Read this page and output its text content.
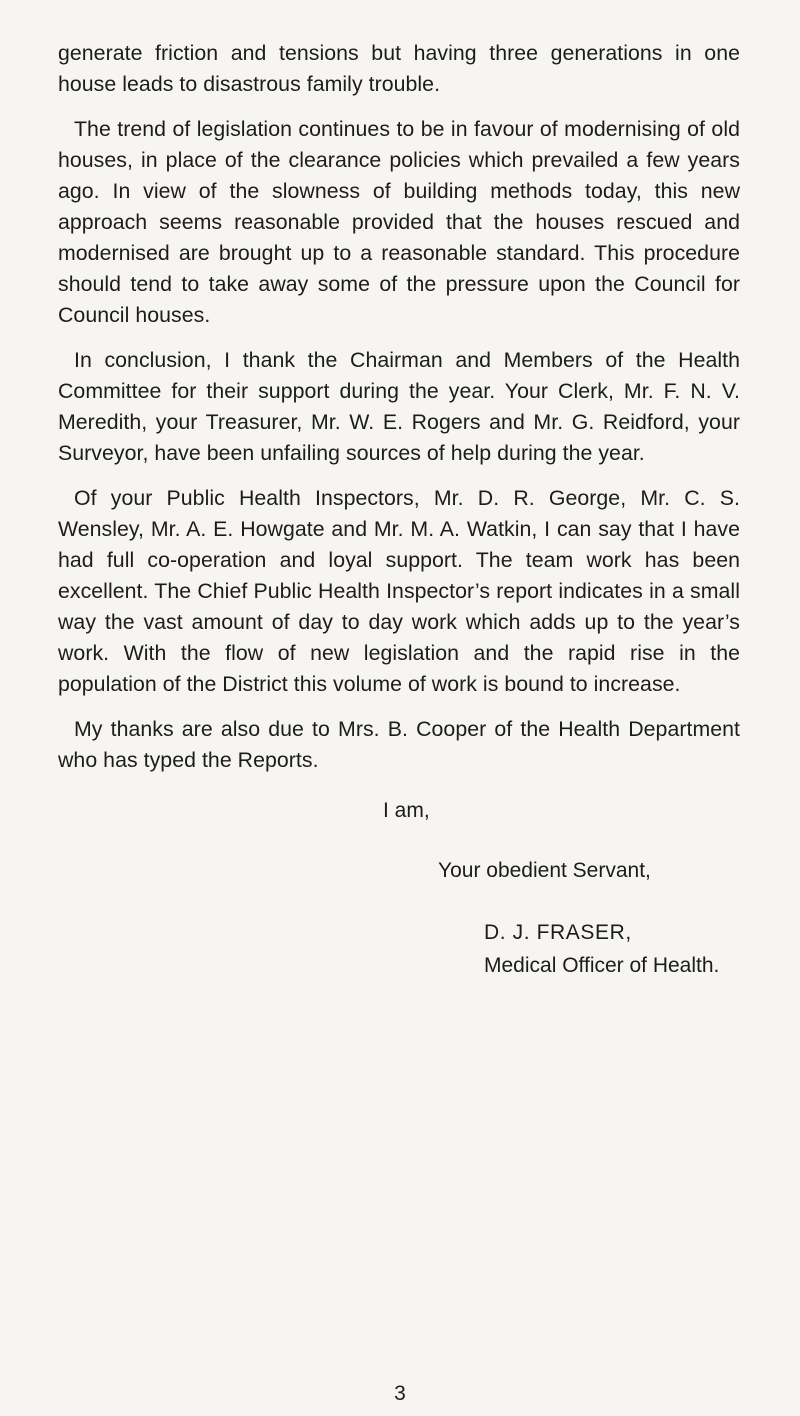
generate friction and tensions but having three generations in one house leads to disastrous family trouble.

The trend of legislation continues to be in favour of modernising of old houses, in place of the clearance policies which prevailed a few years ago. In view of the slowness of building methods today, this new approach seems reasonable provided that the houses rescued and modernised are brought up to a reasonable standard. This procedure should tend to take away some of the pressure upon the Council for Council houses.

In conclusion, I thank the Chairman and Members of the Health Committee for their support during the year. Your Clerk, Mr. F. N. V. Meredith, your Treasurer, Mr. W. E. Rogers and Mr. G. Reidford, your Surveyor, have been unfailing sources of help during the year.

Of your Public Health Inspectors, Mr. D. R. George, Mr. C. S. Wensley, Mr. A. E. Howgate and Mr. M. A. Watkin, I can say that I have had full co-operation and loyal support. The team work has been excellent. The Chief Public Health Inspector’s report indicates in a small way the vast amount of day to day work which adds up to the year’s work. With the flow of new legislation and the rapid rise in the population of the District this volume of work is bound to increase.

My thanks are also due to Mrs. B. Cooper of the Health Department who has typed the Reports.

I am,

Your obedient Servant,

D. J. FRASER,

Medical Officer of Health.

3
